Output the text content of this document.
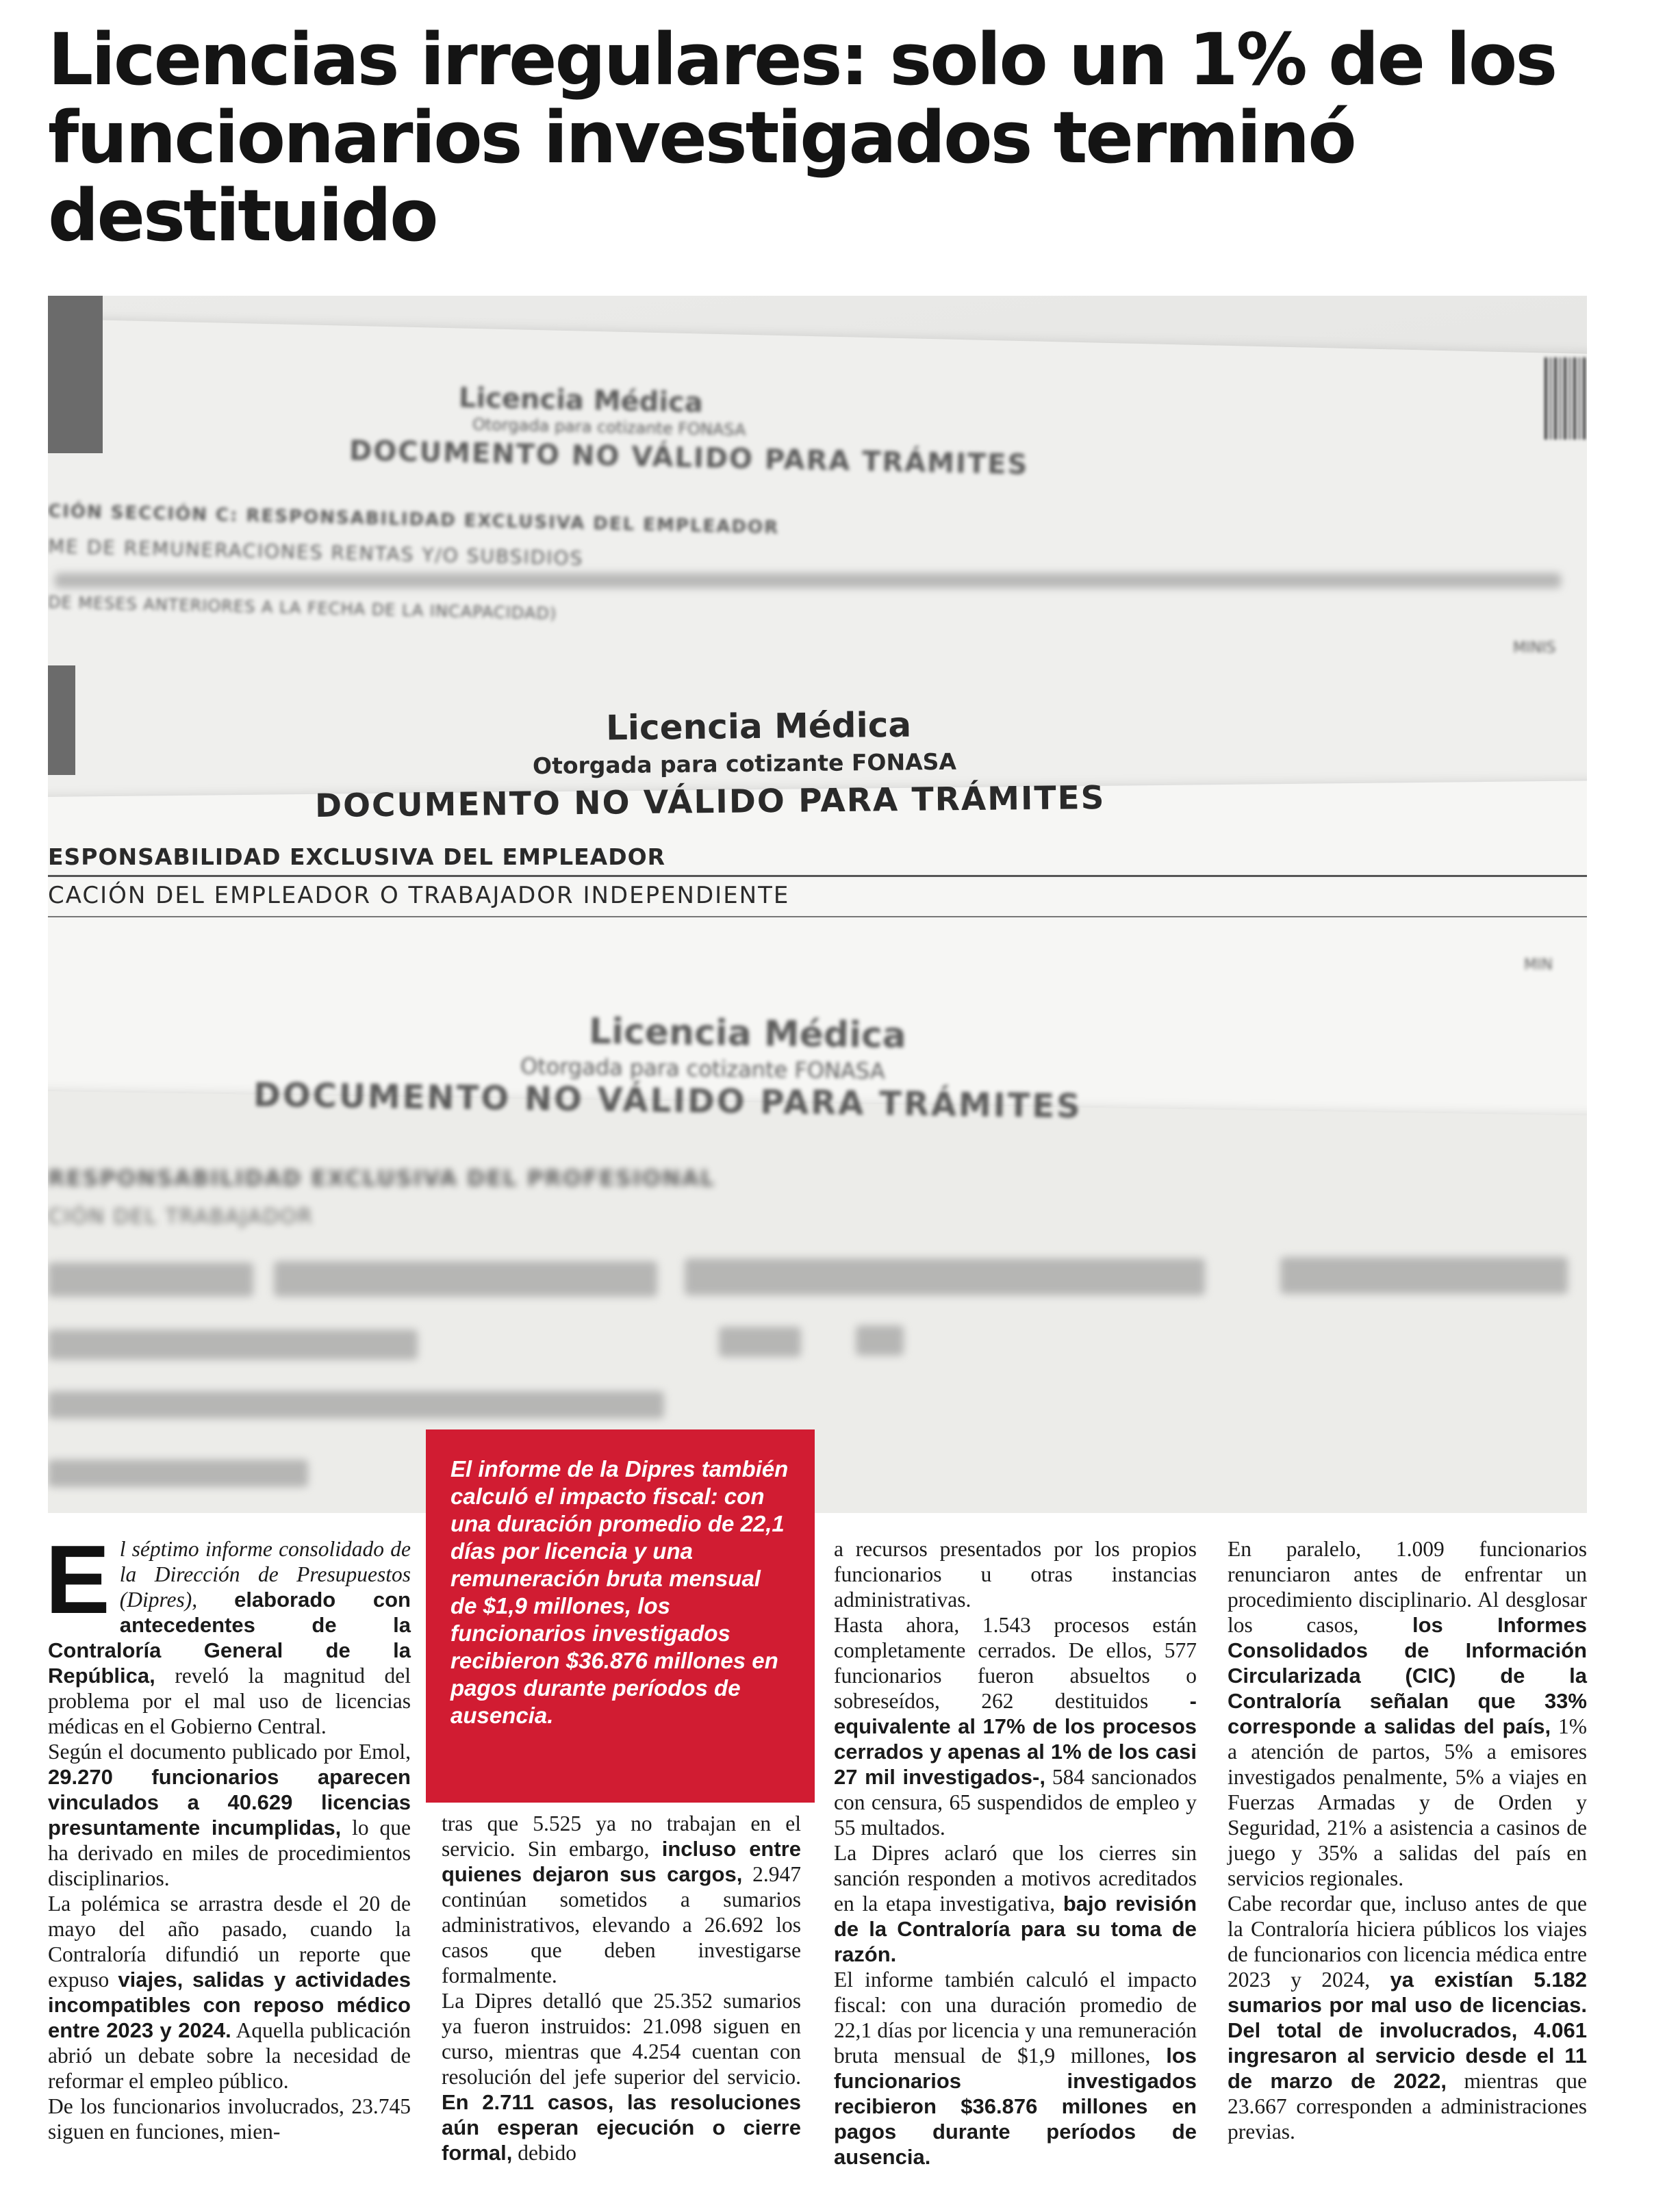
Licencias irregulares: solo un 1% de los funcionarios investigados terminó destituido
Licencia Médica
Otorgada para cotizante FONASA
DOCUMENTO NO VÁLIDO PARA TRÁMITES
CIÓN SECCIÓN C: RESPONSABILIDAD EXCLUSIVA DEL EMPLEADOR
ME DE REMUNERACIONES RENTAS Y/O SUBSIDIOS
DE MESES ANTERIORES A LA FECHA DE LA INCAPACIDAD)
MINIS
Licencia Médica
Otorgada para cotizante FONASA
DOCUMENTO NO VÁLIDO PARA TRÁMITES
ESPONSABILIDAD EXCLUSIVA DEL EMPLEADOR
CACIÓN DEL EMPLEADOR O TRABAJADOR INDEPENDIENTE
MIN
Licencia Médica
Otorgada para cotizante FONASA
DOCUMENTO NO VÁLIDO PARA TRÁMITES
RESPONSABILIDAD EXCLUSIVA DEL PROFESIONAL
CIÓN DEL TRABAJADOR
El informe de la Dipres también calculó el impacto fiscal: con una duración promedio de 22,1 días por licencia y una remuneración bruta mensual de $1,9 millones, los funcionarios investigados recibieron $36.876 millones en pagos durante períodos de ausencia.

El séptimo informe consolidado de la Dirección de Presupuestos (Dipres), elaborado con antecedentes de la Contraloría General de la República, reveló la magnitud del problema por el mal uso de licencias médicas en el Gobierno Central.

Según el documento publicado por Emol, 29.270 funcionarios aparecen vinculados a 40.629 licencias presuntamente incumplidas, lo que ha derivado en miles de procedimientos disciplinarios.

La polémica se arrastra desde el 20 de mayo del año pasado, cuando la Contraloría difundió un reporte que expuso viajes, salidas y actividades incompatibles con reposo médico entre 2023 y 2024. Aquella publicación abrió un debate sobre la necesidad de reformar el empleo público.

De los funcionarios involucrados, 23.745 siguen en funciones, mien-

tras que 5.525 ya no trabajan en el servicio. Sin embargo, incluso entre quienes dejaron sus cargos, 2.947 continúan sometidos a sumarios administrativos, elevando a 26.692 los casos que deben investigarse formalmente.

La Dipres detalló que 25.352 sumarios ya fueron instruidos: 21.098 siguen en curso, mientras que 4.254 cuentan con resolución del jefe superior del servicio. En 2.711 casos, las resoluciones aún esperan ejecución o cierre formal, debido

a recursos presentados por los propios funcionarios u otras instancias administrativas.

Hasta ahora, 1.543 procesos están completamente cerrados. De ellos, 577 funcionarios fueron absueltos o sobreseídos, 262 destituidos -equivalente al 17% de los procesos cerrados y apenas al 1% de los casi 27 mil investigados-, 584 sancionados con censura, 65 suspendidos de empleo y 55 multados.

La Dipres aclaró que los cierres sin sanción responden a motivos acreditados en la etapa investigativa, bajo revisión de la Contraloría para su toma de razón.

El informe también calculó el impacto fiscal: con una duración promedio de 22,1 días por licencia y una remuneración bruta mensual de $1,9 millones, los funcionarios investigados recibieron $36.876 millones en pagos durante períodos de ausencia.

En paralelo, 1.009 funcionarios renunciaron antes de enfrentar un procedimiento disciplinario. Al desglosar los casos,	los Informes Consolidados de Información Circularizada (CIC) de la Contraloría señalan que 33% corresponde a salidas del país, 1% a atención de partos, 5% a emisores investigados penalmente, 5% a viajes en Fuerzas Armadas y de Orden y Seguridad, 21% a asistencia a casinos de juego y 35% a salidas del país en servicios regionales.

Cabe recordar que, incluso antes de que la Contraloría hiciera públicos los viajes de funcionarios con licencia médica entre 2023 y 2024, ya existían 5.182 sumarios por mal uso de licencias. Del total de involucrados, 4.061 ingresaron al servicio desde el 11 de marzo de 2022, mientras que 23.667 corresponden a administraciones previas.
